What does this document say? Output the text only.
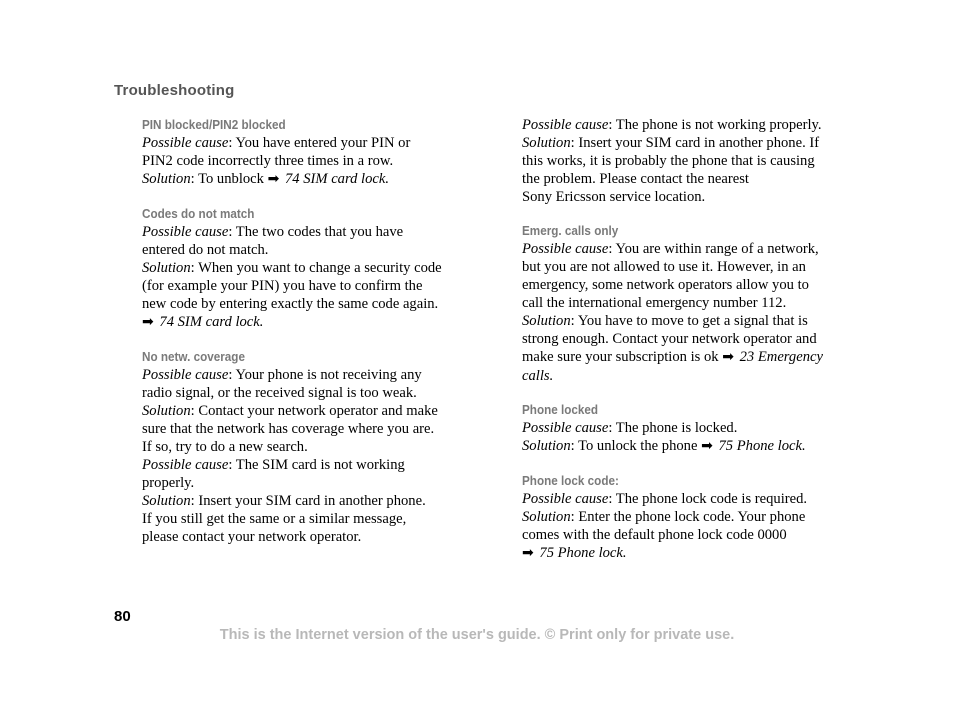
Troubleshooting
PIN blocked/PIN2 blocked
Possible cause: You have entered your PIN or
PIN2 code incorrectly three times in a row.
Solution: To unblock ➡ 74 SIM card lock.
Codes do not match
Possible cause: The two codes that you have
entered do not match.
Solution: When you want to change a security code
(for example your PIN) you have to confirm the
new code by entering exactly the same code again.
➡ 74 SIM card lock.
No netw. coverage
Possible cause: Your phone is not receiving any
radio signal, or the received signal is too weak.
Solution: Contact your network operator and make
sure that the network has coverage where you are.
If so, try to do a new search.
Possible cause: The SIM card is not working
properly.
Solution: Insert your SIM card in another phone.
If you still get the same or a similar message,
please contact your network operator.
Possible cause: The phone is not working properly.
Solution: Insert your SIM card in another phone. If
this works, it is probably the phone that is causing
the problem. Please contact the nearest
Sony Ericsson service location.
Emerg. calls only
Possible cause: You are within range of a network,
but you are not allowed to use it. However, in an
emergency, some network operators allow you to
call the international emergency number 112.
Solution: You have to move to get a signal that is
strong enough. Contact your network operator and
make sure your subscription is ok ➡ 23 Emergency
calls.
Phone locked
Possible cause: The phone is locked.
Solution: To unlock the phone ➡ 75 Phone lock.
Phone lock code:
Possible cause: The phone lock code is required.
Solution: Enter the phone lock code. Your phone
comes with the default phone lock code 0000
➡ 75 Phone lock.
80
This is the Internet version of the user's guide. © Print only for private use.
